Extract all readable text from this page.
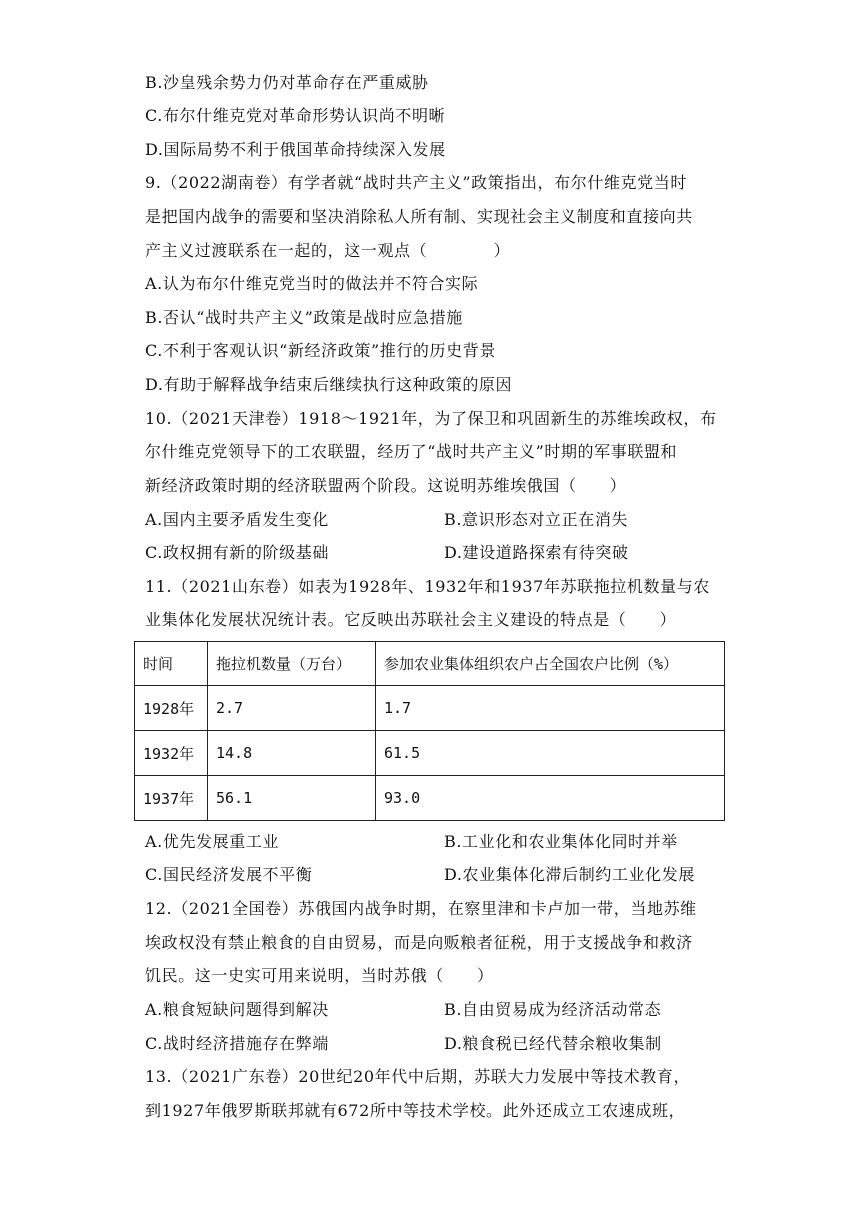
B.沙皇残余势力仍对革命存在严重威胁
C.布尔什维克党对革命形势认识尚不明晰
D.国际局势不利于俄国革命持续深入发展
9.（2022湖南卷）有学者就“战时共产主义”政策指出，布尔什维克党当时
是把国内战争的需要和坚决消除私人所有制、实现社会主义制度和直接向共
产主义过渡联系在一起的，这一观点（　　　　）
A.认为布尔什维克党当时的做法并不符合实际
B.否认“战时共产主义”政策是战时应急措施
C.不利于客观认识“新经济政策”推行的历史背景
D.有助于解释战争结束后继续执行这种政策的原因
10.（2021天津卷）1918～1921年，为了保卫和巩固新生的苏维埃政权，布
尔什维克党领导下的工农联盟，经历了“战时共产主义”时期的军事联盟和
新经济政策时期的经济联盟两个阶段。这说明苏维埃俄国（　　）
A.国内主要矛盾发生变化	B.意识形态对立正在消失
C.政权拥有新的阶级基础	D.建设道路探索有待突破
11.（2021山东卷）如表为1928年、1932年和1937年苏联拖拉机数量与农
业集体化发展状况统计表。它反映出苏联社会主义建设的特点是（　　）
时间	拖拉机数量（万台）	参加农业集体组织农户占全国农户比例（%）
1928年	2.7	1.7
1932年	14.8	61.5
1937年	56.1	93.0
A.优先发展重工业	B.工业化和农业集体化同时并举
C.国民经济发展不平衡	D.农业集体化滞后制约工业化发展
12.（2021全国卷）苏俄国内战争时期，在察里津和卡卢加一带，当地苏维
埃政权没有禁止粮食的自由贸易，而是向贩粮者征税，用于支援战争和救济
饥民。这一史实可用来说明，当时苏俄（　　）
A.粮食短缺问题得到解决	B.自由贸易成为经济活动常态
C.战时经济措施存在弊端	D.粮食税已经代替余粮收集制
13.（2021广东卷）20世纪20年代中后期，苏联大力发展中等技术教育，
到1927年俄罗斯联邦就有672所中等技术学校。此外还成立工农速成班，
